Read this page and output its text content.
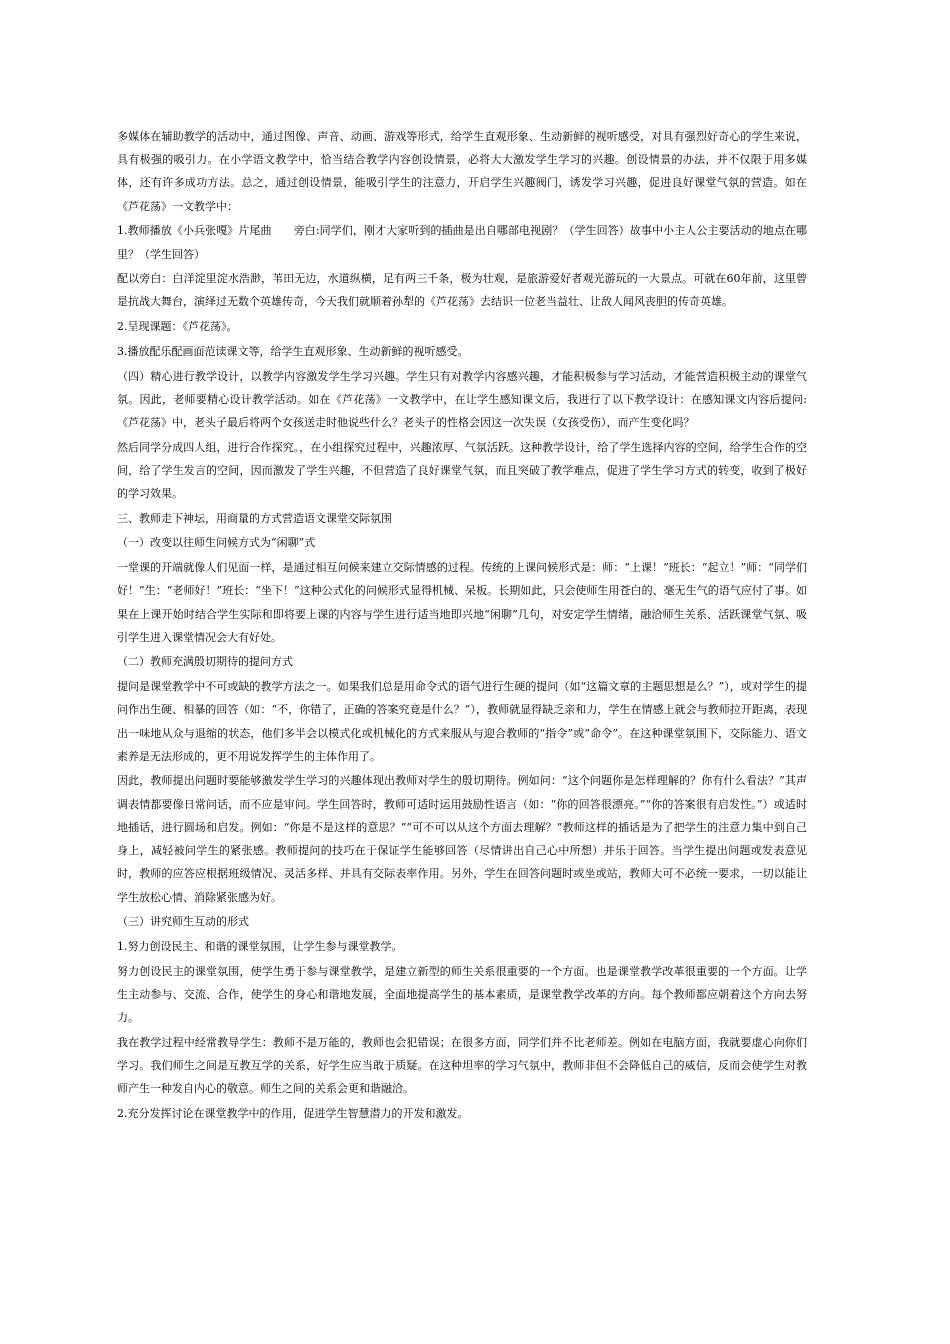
多媒体在辅助教学的活动中，通过图像、声音、动画、游戏等形式，给学生直观形象、生动新鲜的视听感受，对具有强烈好奇心的学生来说，具有极强的吸引力。在小学语文教学中，恰当结合教学内容创设情景，必将大大激发学生学习的兴趣。创设情景的办法，并不仅限于用多媒体，还有许多成功方法。总之，通过创设情景，能吸引学生的注意力，开启学生兴趣阀门，诱发学习兴趣，促进良好课堂气氛的营造。如在《芦花荡》一文教学中：

1.教师播放《小兵张嘎》片尾曲　　旁白:同学们，刚才大家听到的插曲是出自哪部电视剧？（学生回答）故事中小主人公主要活动的地点在哪里？（学生回答）

配以旁白：白洋淀里淀水浩渺，苇田无边，水道纵横，足有两三千条，极为壮观，是旅游爱好者观光游玩的一大景点。可就在60年前，这里曾是抗战大舞台，演绎过无数个英雄传奇，今天我们就顺着孙犁的《芦花荡》去结识一位老当益壮、让敌人闻风丧胆的传奇英雄。

2.呈现课题：《芦花荡》。

3.播放配乐配画面范读课文等，给学生直观形象、生动新鲜的视听感受。

（四）精心进行教学设计，以教学内容激发学生学习兴趣。学生只有对教学内容感兴趣，才能积极参与学习活动，才能营造积极主动的课堂气氛。因此，老师要精心设计教学活动。如在《芦花荡》一文教学中，在让学生感知课文后，我进行了以下教学设计：在感知课文内容后提问:《芦花荡》中，老头子最后将两个女孩送走时他说些什么？老头子的性格会因这一次失误（女孩受伤），而产生变化吗？

然后同学分成四人组，进行合作探究。，在小组探究过程中，兴趣浓厚、气氛活跃。这种教学设计，给了学生选择内容的空间，给学生合作的空间，给了学生发言的空间，因而激发了学生兴趣，不但营造了良好课堂气氛，而且突破了教学难点，促进了学生学习方式的转变，收到了极好的学习效果。

三、教师走下神坛，用商量的方式营造语文课堂交际氛围

（一）改变以往师生问候方式为“闲聊”式

一堂课的开端就像人们见面一样，是通过相互问候来建立交际情感的过程。传统的上课问候形式是：师：“上课！”班长：“起立！”师：“同学们好！”生：“老师好！”班长：“坐下！”这种公式化的问候形式显得机械、呆板。长期如此，只会使师生用苍白的、毫无生气的语气应付了事。如果在上课开始时结合学生实际和即将要上课的内容与学生进行适当地即兴地“闲聊”几句，对安定学生情绪，融洽师生关系、活跃课堂气氛、吸引学生进入课堂情况会大有好处。

（二）教师充满殷切期待的提问方式

提问是课堂教学中不可或缺的教学方法之一。如果我们总是用命令式的语气进行生硬的提问（如“这篇文章的主题思想是么？”），或对学生的提问作出生硬、相暴的回答（如：“不，你错了，正确的答案究竟是什么？”），教师就显得缺乏亲和力，学生在情感上就会与教师拉开距离，表现出一味地从众与退缩的状态，他们多半会以模式化或机械化的方式来服从与迎合教师的“指令”或“命令”。在这种课堂氛围下，交际能力、语文素养是无法形成的，更不用说发挥学生的主体作用了。

因此，教师提出问题时要能够激发学生学习的兴趣体现出教师对学生的殷切期待。例如问：“这个问题你是怎样理解的？你有什么看法？”其声调表情都要像日常问话，而不应是审问。学生回答时，教师可适时运用鼓励性语言（如：“你的回答很漂亮。”“你的答案很有启发性。”）或适时地插话，进行圆场和启发。例如：“你是不是这样的意思？”“可不可以从这个方面去理解？”教师这样的插话是为了把学生的注意力集中到自己身上，减轻被问学生的紧张感。教师提问的技巧在于保证学生能够回答（尽情讲出自己心中所想）并乐于回答。当学生提出问题或发表意见时，教师的应答应根据班级情况、灵活多样、并具有交际表率作用。另外，学生在回答问题时或坐或站，教师大可不必统一要求，一切以能让学生放松心情、消除紧张感为好。

（三）讲究师生互动的形式

1.努力创设民主、和谐的课堂氛围，让学生参与课堂教学。

努力创设民主的课堂氛围，使学生勇于参与课堂教学，是建立新型的师生关系很重要的一个方面。也是课堂教学改革很重要的一个方面。让学生主动参与、交流、合作，使学生的身心和谐地发展，全面地提高学生的基本素质，是课堂教学改革的方向。每个教师都应朝着这个方向去努力。

我在教学过程中经常教导学生：教师不是万能的，教师也会犯错误；在很多方面，同学们并不比老师差。例如在电脑方面，我就要虚心向你们学习。我们师生之间是互教互学的关系，好学生应当敢于质疑。在这种坦率的学习气氛中，教师非但不会降低自己的威信，反而会使学生对教师产生一种发自内心的敬意。师生之间的关系会更和谐融洽。

2.充分发挥讨论在课堂教学中的作用，促进学生智慧潜力的开发和激发。
